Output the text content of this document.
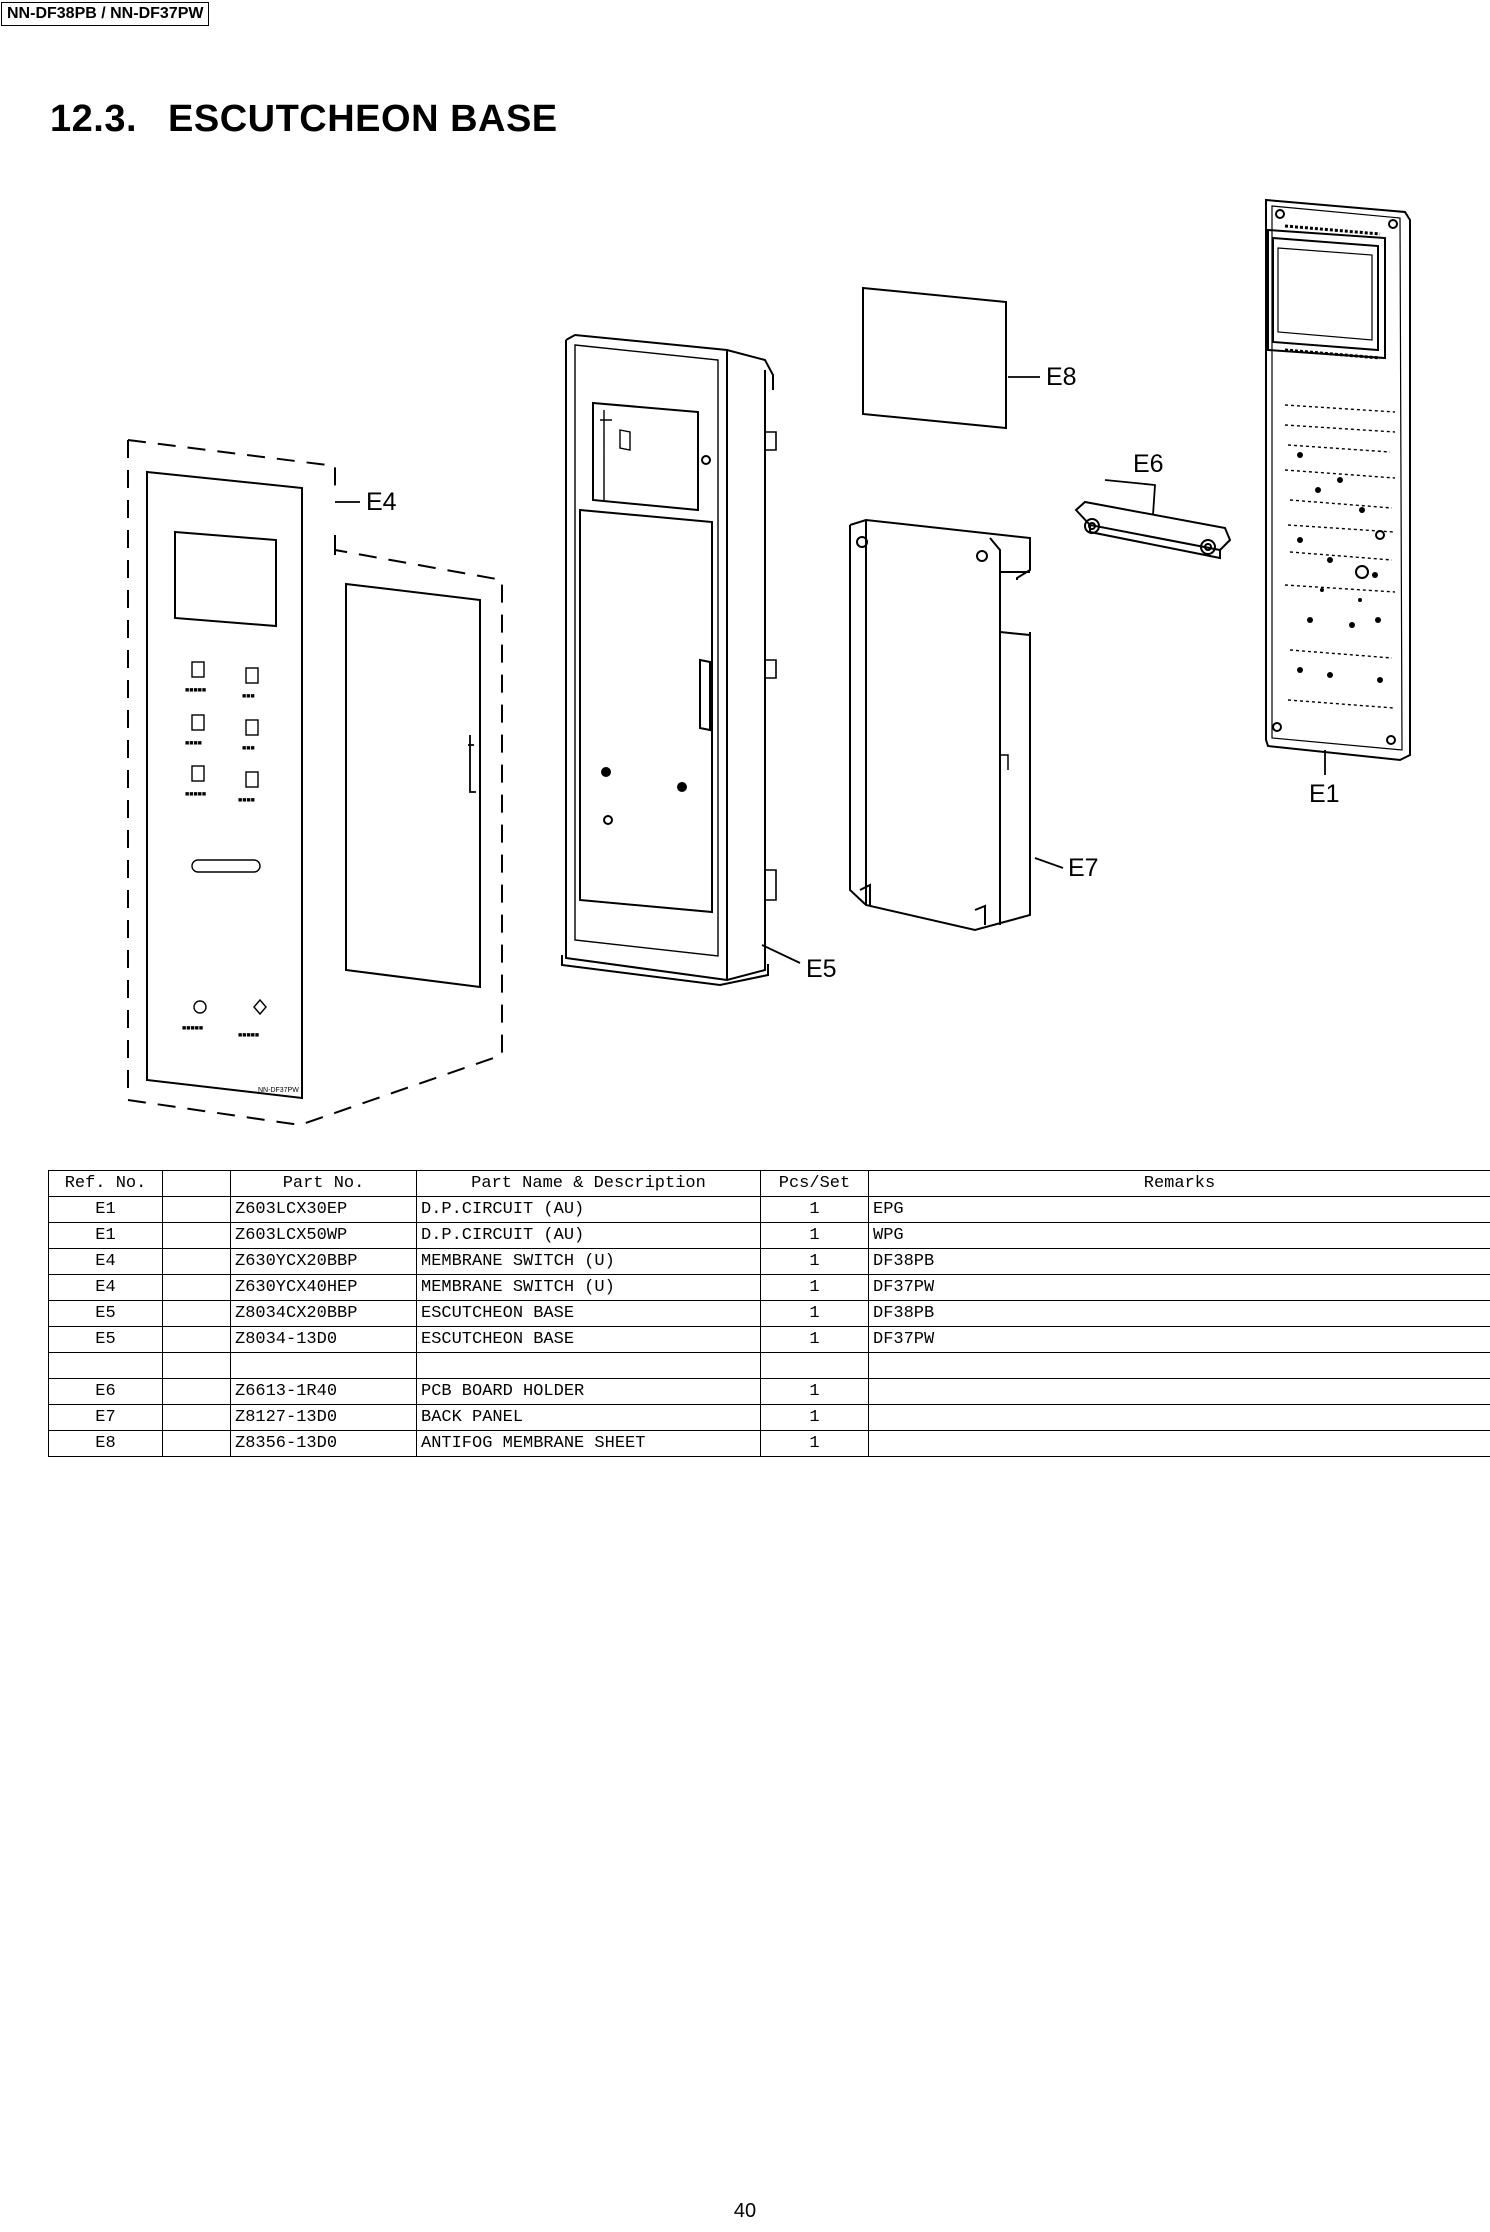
NN-DF38PB / NN-DF37PW
12.3. ESCUTCHEON BASE
■■■■■
■■■
■■■■
■■■
■■■■■
■■■■
■■■■■
■■■■■
NN-DF37PW
E4
E5
E6
E7
E8
E1
Ref. No.		Part No.	Part Name & Description	Pcs/Set	Remarks
E1		Z603LCX30EP	D.P.CIRCUIT (AU)	1	EPG
E1		Z603LCX50WP	D.P.CIRCUIT (AU)	1	WPG
E4		Z630YCX20BBP	MEMBRANE SWITCH (U)	1	DF38PB
E4		Z630YCX40HEP	MEMBRANE SWITCH (U)	1	DF37PW
E5		Z8034CX20BBP	ESCUTCHEON BASE	1	DF38PB
E5		Z8034-13D0	ESCUTCHEON BASE	1	DF37PW

E6		Z6613-1R40	PCB BOARD HOLDER	1	
E7		Z8127-13D0	BACK PANEL	1	
E8		Z8356-13D0	ANTIFOG MEMBRANE SHEET	1	
40
